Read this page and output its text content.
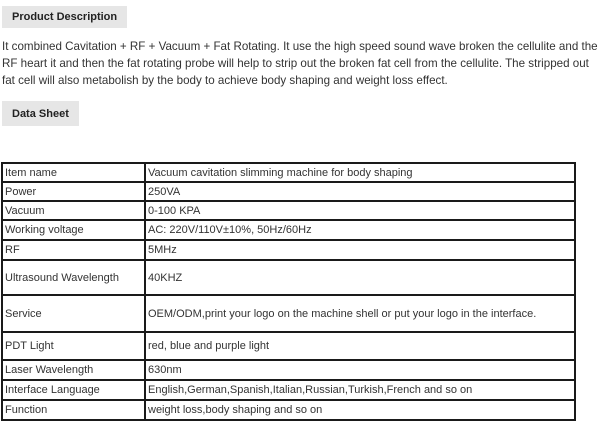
Product Description

It combined Cavitation + RF + Vacuum + Fat Rotating. It use the high speed sound wave broken the cellulite and the RF heart it and then the fat rotating probe will help to strip out the broken fat cell from the cellulite. The stripped out fat cell will also metabolish by the body to achieve body shaping and weight loss effect.

Data Sheet
Item name	Vacuum cavitation slimming machine for body shaping
Power	250VA
Vacuum	0-100 KPA
Working voltage	AC: 220V/110V±10%, 50Hz/60Hz
RF	5MHz
Ultrasound Wavelength	40KHZ
Service	OEM/ODM,print your logo on the machine shell or put your logo in the interface.
PDT Light	red, blue and purple light
Laser Wavelength	630nm
Interface Language	English,German,Spanish,Italian,Russian,Turkish,French and so on
Function	weight loss,body shaping and so on
